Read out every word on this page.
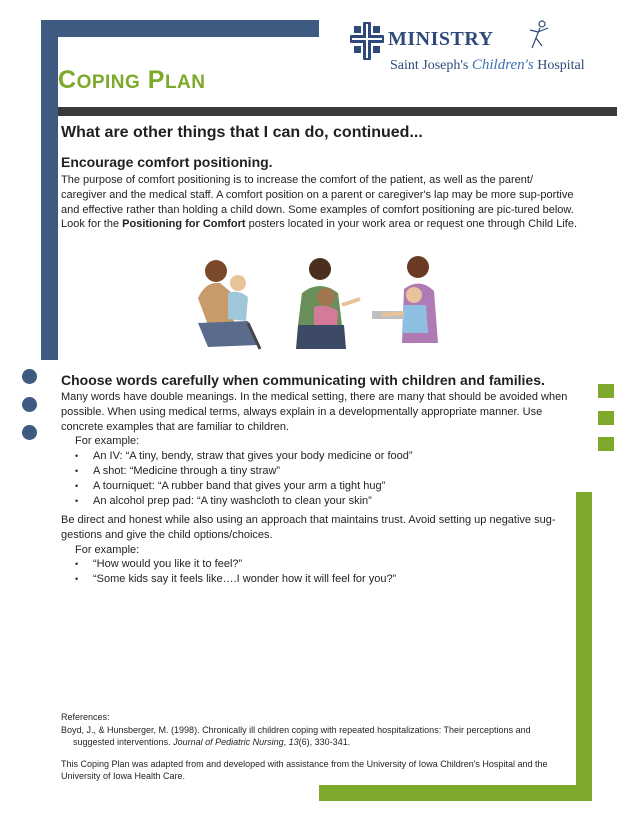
MINISTRY
Saint Joseph's Children's Hospital
COPING PLAN
What are other things that I can do, continued...
Encourage comfort positioning.
The purpose of comfort positioning is to increase the comfort of the patient, as well as the parent/ caregiver and the medical staff. A comfort position on a parent or caregiver's lap may be more sup-portive and effective rather than holding a child down. Some examples of comfort positioning are pic-tured below. Look for the Positioning for Comfort posters located in your work area or request one through Child Life.
Choose words carefully when communicating with children and families.
Many words have double meanings. In the medical setting, there are many that should be avoided when possible. When using medical terms, always explain in a developmentally appropriate manner. Use concrete examples that are familiar to children.
For example:
• An IV: “A tiny, bendy, straw that gives your body medicine or food”
• A shot: “Medicine through a tiny straw”
• A tourniquet: “A rubber band that gives your arm a tight hug”
• An alcohol prep pad: “A tiny washcloth to clean your skin”
Be direct and honest while also using an approach that maintains trust. Avoid setting up negative sug-gestions and give the child options/choices.
For example:
• “How would you like it to feel?”
• “Some kids say it feels like….I wonder how it will feel for you?”

References:

Boyd, J., & Hunsberger, M. (1998). Chronically ill children coping with repeated hospitalizations: Their perceptions and
suggested interventions. Journal of Pediatric Nursing, 13(6), 330-341.

This Coping Plan was adapted from and developed with assistance from the University of Iowa Children's Hospital and the University of Iowa Health Care.
